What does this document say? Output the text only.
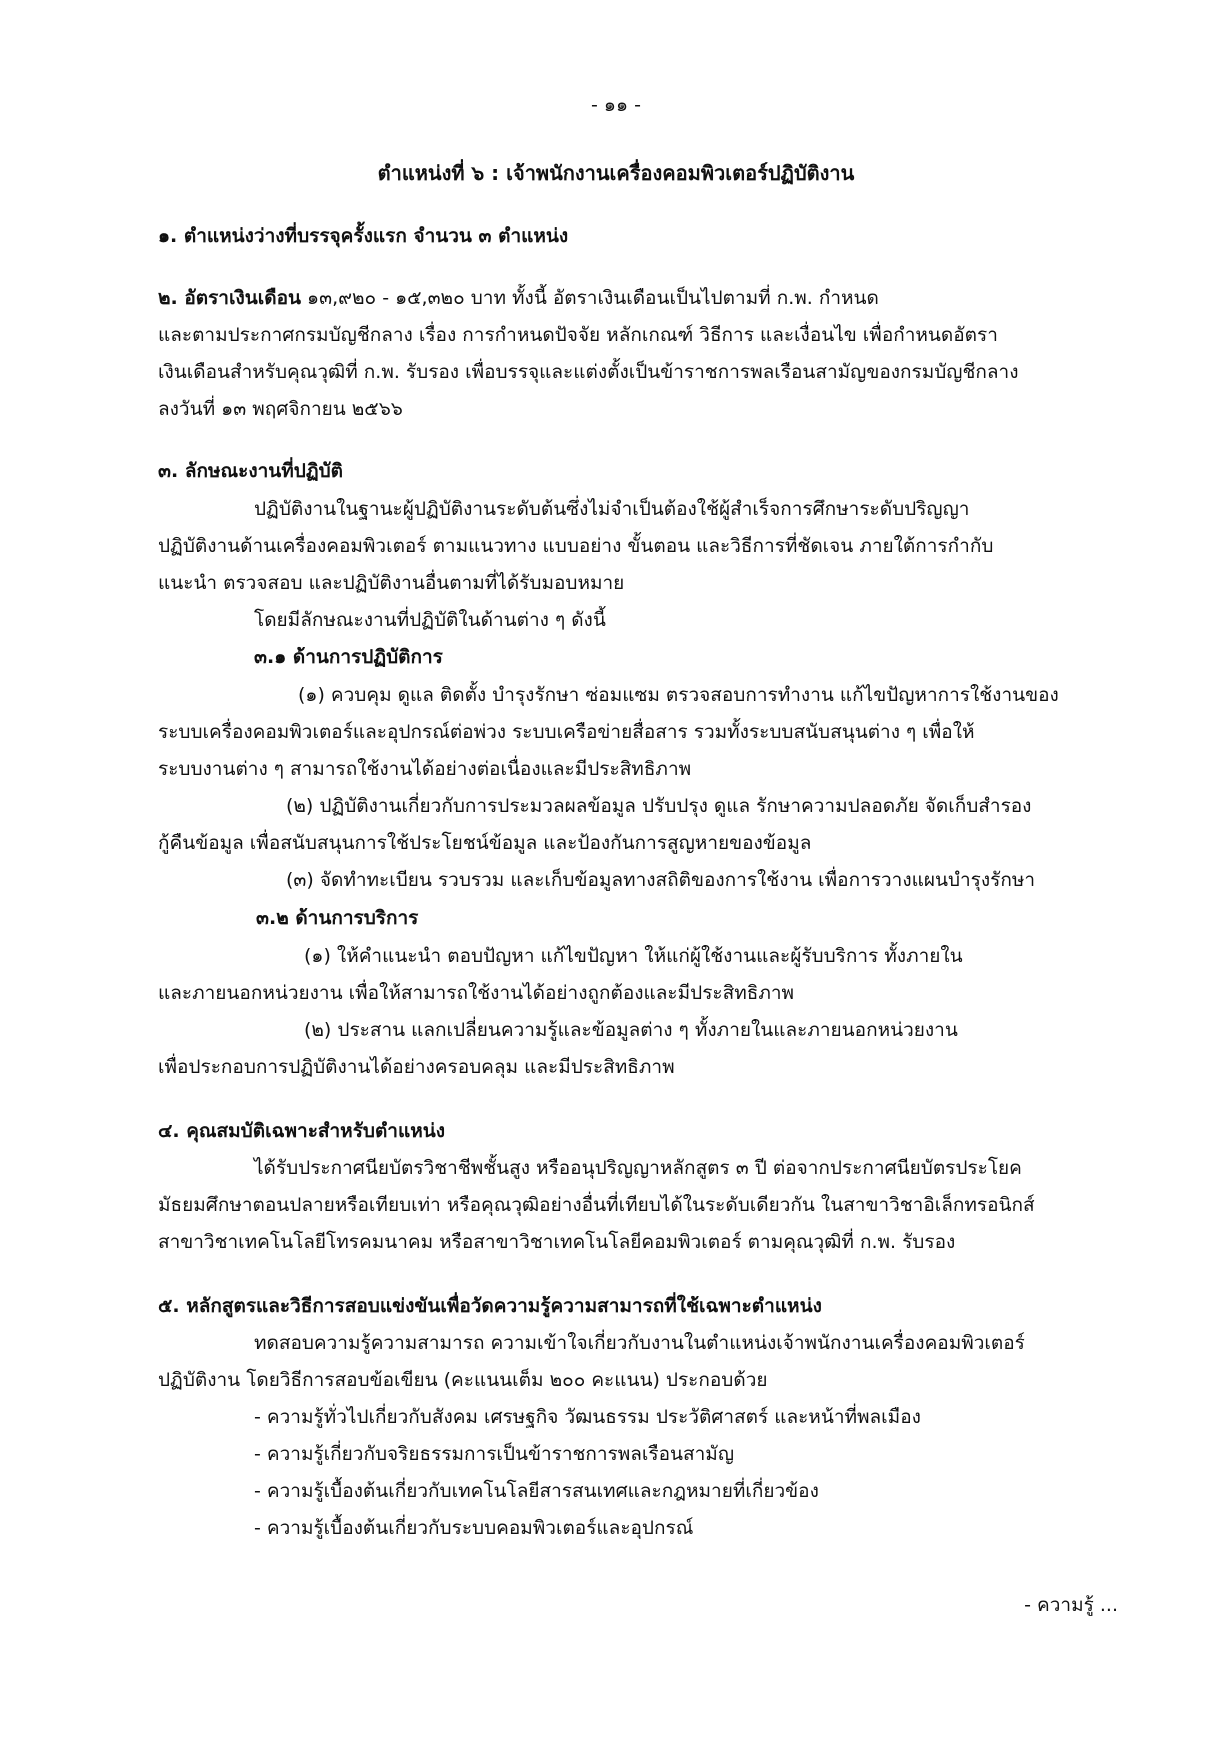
- ๑๑ -
ตำแหน่งที่ ๖ : เจ้าพนักงานเครื่องคอมพิวเตอร์ปฏิบัติงาน
๑. ตำแหน่งว่างที่บรรจุครั้งแรก จำนวน ๓ ตำแหน่ง
๒. อัตราเงินเดือน ๑๓,๙๒๐ - ๑๕,๓๒๐ บาท ทั้งนี้ อัตราเงินเดือนเป็นไปตามที่ ก.พ. กำหนด
และตามประกาศกรมบัญชีกลาง เรื่อง การกำหนดปัจจัย หลักเกณฑ์ วิธีการ และเงื่อนไข เพื่อกำหนดอัตรา
เงินเดือนสำหรับคุณวุฒิที่ ก.พ. รับรอง เพื่อบรรจุและแต่งตั้งเป็นข้าราชการพลเรือนสามัญของกรมบัญชีกลาง
ลงวันที่ ๑๓ พฤศจิกายน ๒๕๖๖
๓. ลักษณะงานที่ปฏิบัติ
ปฏิบัติงานในฐานะผู้ปฏิบัติงานระดับต้นซึ่งไม่จำเป็นต้องใช้ผู้สำเร็จการศึกษาระดับปริญญา
ปฏิบัติงานด้านเครื่องคอมพิวเตอร์ ตามแนวทาง แบบอย่าง ขั้นตอน และวิธีการที่ชัดเจน ภายใต้การกำกับ
แนะนำ ตรวจสอบ และปฏิบัติงานอื่นตามที่ได้รับมอบหมาย
โดยมีลักษณะงานที่ปฏิบัติในด้านต่าง ๆ ดังนี้
๓.๑ ด้านการปฏิบัติการ
(๑) ควบคุม ดูแล ติดตั้ง บำรุงรักษา ซ่อมแซม ตรวจสอบการทำงาน แก้ไขปัญหาการใช้งานของ
ระบบเครื่องคอมพิวเตอร์และอุปกรณ์ต่อพ่วง ระบบเครือข่ายสื่อสาร รวมทั้งระบบสนับสนุนต่าง ๆ เพื่อให้
ระบบงานต่าง ๆ สามารถใช้งานได้อย่างต่อเนื่องและมีประสิทธิภาพ
(๒) ปฏิบัติงานเกี่ยวกับการประมวลผลข้อมูล ปรับปรุง ดูแล รักษาความปลอดภัย จัดเก็บสำรอง
กู้คืนข้อมูล เพื่อสนับสนุนการใช้ประโยชน์ข้อมูล และป้องกันการสูญหายของข้อมูล
(๓) จัดทำทะเบียน รวบรวม และเก็บข้อมูลทางสถิติของการใช้งาน เพื่อการวางแผนบำรุงรักษา
๓.๒ ด้านการบริการ
(๑) ให้คำแนะนำ ตอบปัญหา แก้ไขปัญหา ให้แก่ผู้ใช้งานและผู้รับบริการ ทั้งภายใน
และภายนอกหน่วยงาน เพื่อให้สามารถใช้งานได้อย่างถูกต้องและมีประสิทธิภาพ
(๒) ประสาน แลกเปลี่ยนความรู้และข้อมูลต่าง ๆ ทั้งภายในและภายนอกหน่วยงาน
เพื่อประกอบการปฏิบัติงานได้อย่างครอบคลุม และมีประสิทธิภาพ
๔. คุณสมบัติเฉพาะสำหรับตำแหน่ง
ได้รับประกาศนียบัตรวิชาชีพชั้นสูง หรืออนุปริญญาหลักสูตร ๓ ปี ต่อจากประกาศนียบัตรประโยค
มัธยมศึกษาตอนปลายหรือเทียบเท่า หรือคุณวุฒิอย่างอื่นที่เทียบได้ในระดับเดียวกัน ในสาขาวิชาอิเล็กทรอนิกส์
สาขาวิชาเทคโนโลยีโทรคมนาคม หรือสาขาวิชาเทคโนโลยีคอมพิวเตอร์ ตามคุณวุฒิที่ ก.พ. รับรอง
๕. หลักสูตรและวิธีการสอบแข่งขันเพื่อวัดความรู้ความสามารถที่ใช้เฉพาะตำแหน่ง
ทดสอบความรู้ความสามารถ ความเข้าใจเกี่ยวกับงานในตำแหน่งเจ้าพนักงานเครื่องคอมพิวเตอร์
ปฏิบัติงาน โดยวิธีการสอบข้อเขียน (คะแนนเต็ม ๒๐๐ คะแนน) ประกอบด้วย
- ความรู้ทั่วไปเกี่ยวกับสังคม เศรษฐกิจ วัฒนธรรม ประวัติศาสตร์ และหน้าที่พลเมือง
- ความรู้เกี่ยวกับจริยธรรมการเป็นข้าราชการพลเรือนสามัญ
- ความรู้เบื้องต้นเกี่ยวกับเทคโนโลยีสารสนเทศและกฎหมายที่เกี่ยวข้อง
- ความรู้เบื้องต้นเกี่ยวกับระบบคอมพิวเตอร์และอุปกรณ์
- ความรู้ ...
